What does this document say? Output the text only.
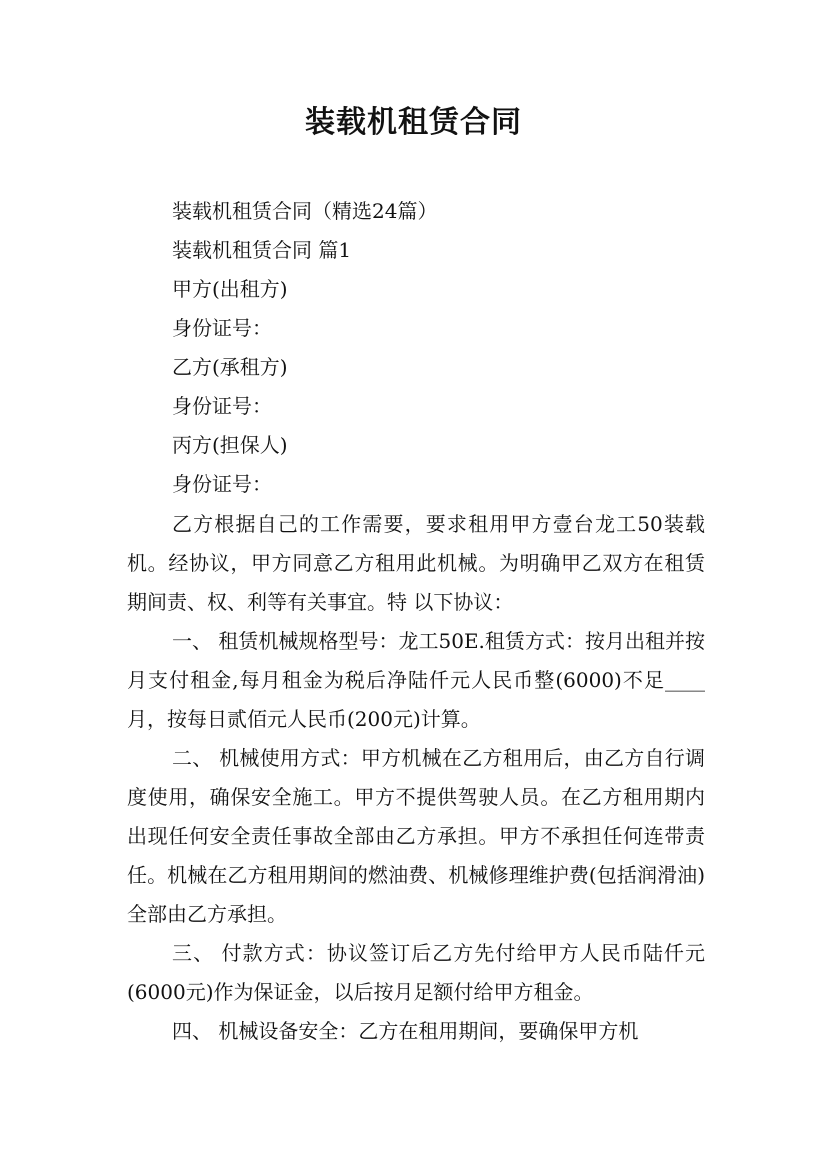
装载机租赁合同
装载机租赁合同（精选24篇）
装载机租赁合同 篇1
甲方(出租方)
身份证号：
乙方(承租方)
身份证号：
丙方(担保人)
身份证号：
乙方根据自己的工作需要，要求租用甲方壹台龙工50装载机。经协议，甲方同意乙方租用此机械。为明确甲乙双方在租赁期间责、权、利等有关事宜。特 以下协议：
一、 租赁机械规格型号：龙工50E.租赁方式：按月出租并按月支付租金,每月租金为税后净陆仟元人民币整(6000)不足____月，按每日贰佰元人民币(200元)计算。
二、 机械使用方式：甲方机械在乙方租用后，由乙方自行调度使用，确保安全施工。甲方不提供驾驶人员。在乙方租用期内出现任何安全责任事故全部由乙方承担。甲方不承担任何连带责任。机械在乙方租用期间的燃油费、机械修理维护费(包括润滑油)全部由乙方承担。
三、 付款方式：协议签订后乙方先付给甲方人民币陆仟元(6000元)作为保证金，以后按月足额付给甲方租金。
四、 机械设备安全：乙方在租用期间，要确保甲方机
